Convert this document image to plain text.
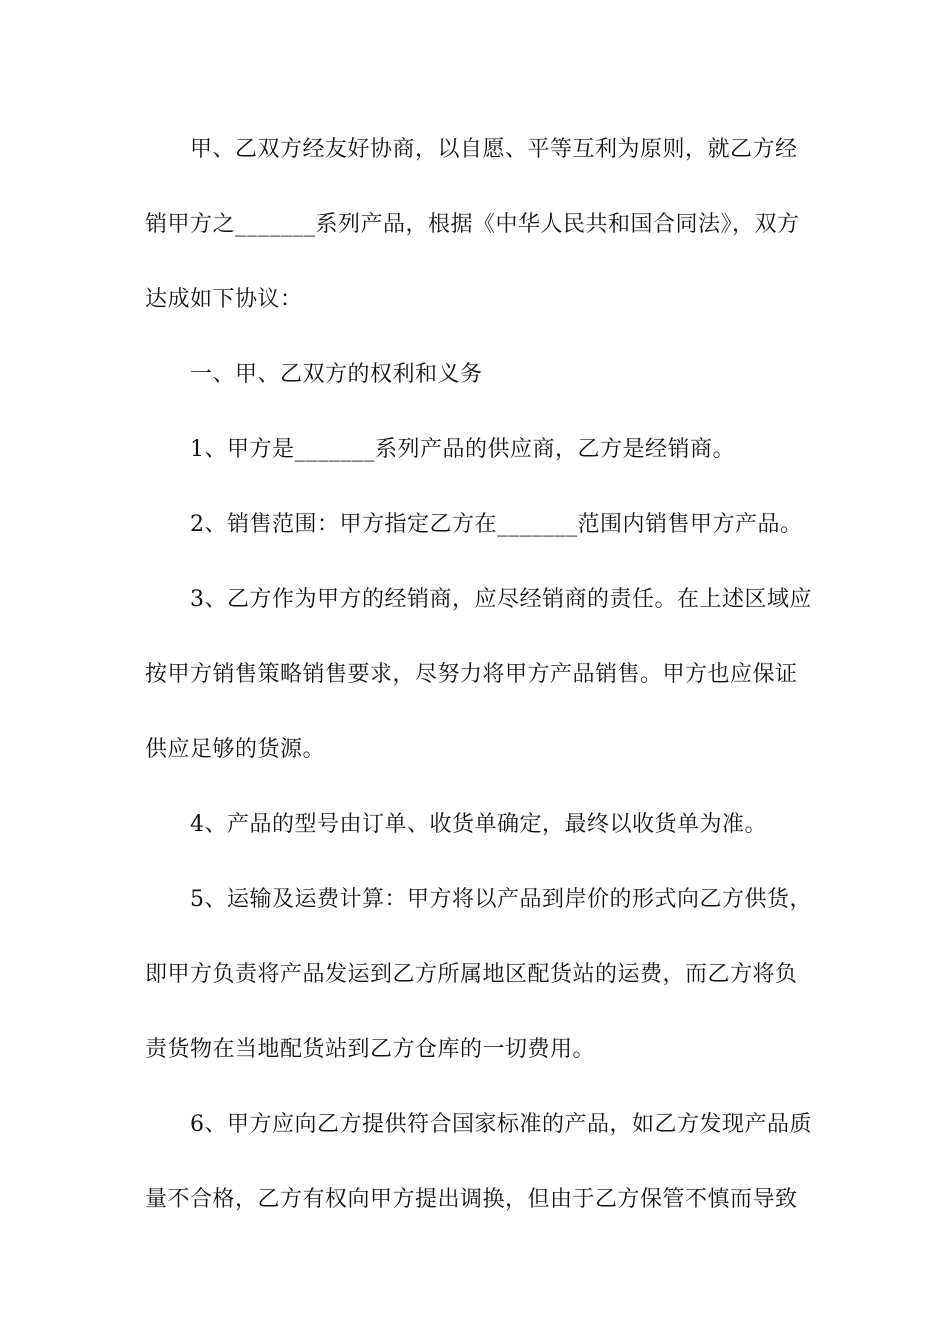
　　甲、乙双方经友好协商，以自愿、平等互利为原则，就乙方经
销甲方之_______系列产品，根据《中华人民共和国合同法》，双方
达成如下协议：
　　一、甲、乙双方的权利和义务
　　1、甲方是_______系列产品的供应商，乙方是经销商。
　　2、销售范围：甲方指定乙方在_______范围内销售甲方产品。
　　3、乙方作为甲方的经销商，应尽经销商的责任。在上述区域应
按甲方销售策略销售要求，尽努力将甲方产品销售。甲方也应保证
供应足够的货源。
　　4、产品的型号由订单、收货单确定，最终以收货单为准。
　　5、运输及运费计算：甲方将以产品到岸价的形式向乙方供货，
即甲方负责将产品发运到乙方所属地区配货站的运费，而乙方将负
责货物在当地配货站到乙方仓库的一切费用。
　　6、甲方应向乙方提供符合国家标准的产品，如乙方发现产品质
量不合格，乙方有权向甲方提出调换，但由于乙方保管不慎而导致
